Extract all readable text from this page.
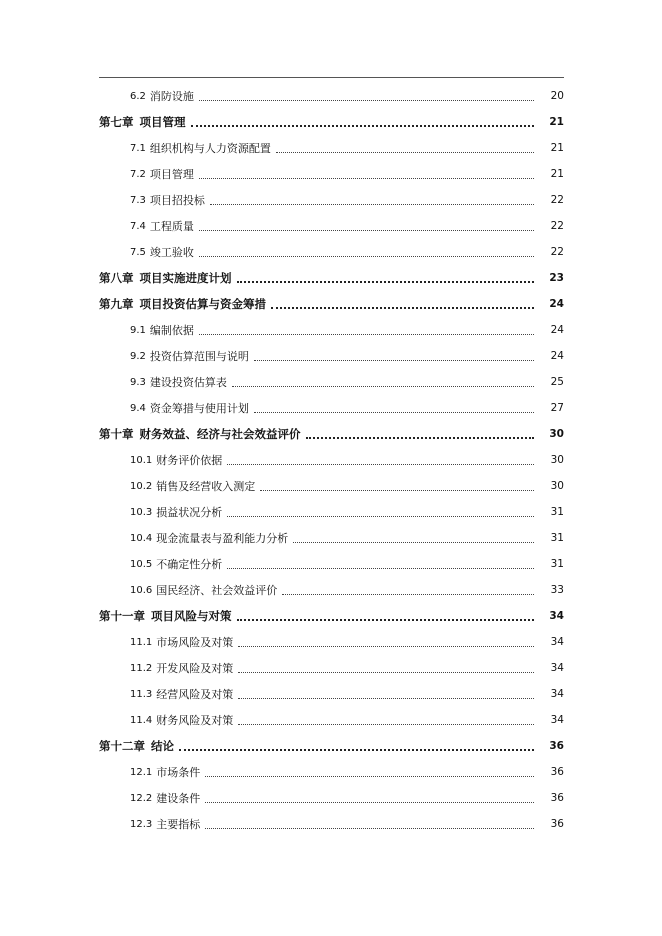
6.2 消防设施	20
第七章 项目管理	21
7.1 组织机构与人力资源配置	21
7.2 项目管理	21
7.3 项目招投标	22
7.4 工程质量	22
7.5 竣工验收	22
第八章 项目实施进度计划	23
第九章 项目投资估算与资金筹措	24
9.1 编制依据	24
9.2 投资估算范围与说明	24
9.3 建设投资估算表	25
9.4 资金筹措与使用计划	27
第十章 财务效益、经济与社会效益评价	30
10.1 财务评价依据	30
10.2 销售及经营收入测定	30
10.3 损益状况分析	31
10.4 现金流量表与盈利能力分析	31
10.5 不确定性分析	31
10.6 国民经济、社会效益评价	33
第十一章 项目风险与对策	34
11.1 市场风险及对策	34
11.2 开发风险及对策	34
11.3 经营风险及对策	34
11.4 财务风险及对策	34
第十二章 结论	36
12.1 市场条件	36
12.2 建设条件	36
12.3 主要指标	36
